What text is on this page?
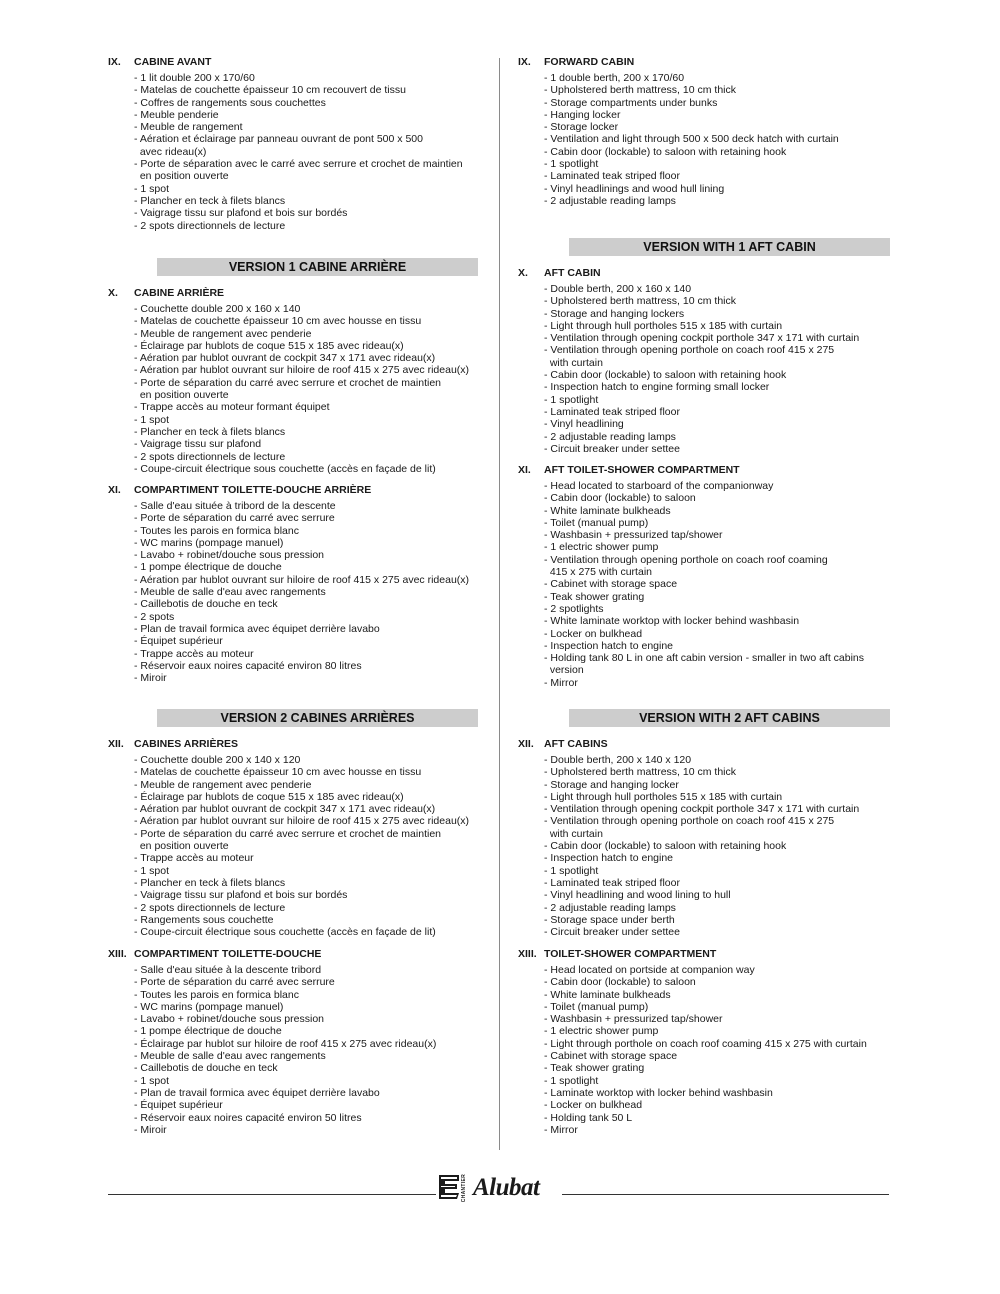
IX.	CABINE AVANT
- 1 lit double 200 x 170/60
- Matelas de couchette épaisseur 10 cm recouvert de tissu
- Coffres de rangements sous couchettes
- Meuble penderie
- Meuble de rangement
- Aération et éclairage par panneau ouvrant de pont 500 x 500
avec rideau(x)
- Porte de séparation avec le carré avec serrure et crochet de maintien
en position ouverte
- 1 spot
- Plancher en teck à filets blancs
- Vaigrage tissu sur plafond et bois sur bordés
- 2 spots directionnels de lecture
VERSION 1 CABINE ARRIÈRE
X.	CABINE ARRIÈRE
- Couchette double 200 x 160 x 140
- Matelas de couchette épaisseur 10 cm avec housse en tissu
- Meuble de rangement avec penderie
- Éclairage par hublots de coque 515 x 185 avec rideau(x)
- Aération par hublot ouvrant de cockpit 347 x 171 avec rideau(x)
- Aération par hublot ouvrant sur hiloire de roof 415 x 275 avec rideau(x)
- Porte de séparation du carré avec serrure et crochet de maintien
en position ouverte
- Trappe accès au moteur formant équipet
- 1 spot
- Plancher en teck à filets blancs
- Vaigrage tissu sur plafond
- 2 spots directionnels de lecture
- Coupe-circuit électrique sous couchette (accès en façade de lit)
XI.	COMPARTIMENT TOILETTE-DOUCHE ARRIÈRE
- Salle d'eau située à tribord de la descente
- Porte de séparation du carré avec serrure
- Toutes les parois en formica blanc
- WC marins (pompage manuel)
- Lavabo + robinet/douche sous pression
- 1 pompe électrique de douche
- Aération par hublot ouvrant sur hiloire de roof 415 x 275 avec rideau(x)
- Meuble de salle d'eau avec rangements
- Caillebotis de douche en teck
- 2 spots
- Plan de travail formica avec équipet derrière lavabo
- Équipet supérieur
- Trappe accès au moteur
- Réservoir eaux noires capacité environ 80 litres
- Miroir
VERSION 2 CABINES ARRIÈRES
XII. CABINES ARRIÈRES
- Couchette double 200 x 140 x 120
- Matelas de couchette épaisseur 10 cm avec housse en tissu
- Meuble de rangement avec penderie
- Éclairage par hublots de coque 515 x 185 avec rideau(x)
- Aération par hublot ouvrant de cockpit 347 x 171 avec rideau(x)
- Aération par hublot ouvrant sur hiloire de roof 415 x 275 avec rideau(x)
- Porte de séparation du carré avec serrure et crochet de maintien
en position ouverte
- Trappe accès au moteur
- 1 spot
- Plancher en teck à filets blancs
- Vaigrage tissu sur plafond et bois sur bordés
- 2 spots directionnels de lecture
- Rangements sous couchette
- Coupe-circuit électrique sous couchette (accès en façade de lit)
XIII. COMPARTIMENT TOILETTE-DOUCHE
- Salle d'eau située à la descente tribord
- Porte de séparation du carré avec serrure
- Toutes les parois en formica blanc
- WC marins (pompage manuel)
- Lavabo + robinet/douche sous pression
- 1 pompe électrique de douche
- Éclairage par hublot sur hiloire de roof 415 x 275 avec rideau(x)
- Meuble de salle d'eau avec rangements
- Caillebotis de douche en teck
- 1 spot
- Plan de travail formica avec équipet derrière lavabo
- Équipet supérieur
- Réservoir eaux noires capacité environ 50 litres
- Miroir
IX.	FORWARD CABIN
- 1 double berth, 200 x 170/60
- Upholstered berth mattress, 10 cm thick
- Storage compartments under bunks
- Hanging locker
- Storage locker
- Ventilation and light through 500 x 500 deck hatch with curtain
- Cabin door (lockable) to saloon with retaining hook
- 1 spotlight
- Laminated teak striped floor
- Vinyl headlinings and wood hull lining
- 2 adjustable reading lamps
VERSION WITH 1 AFT CABIN
X.	AFT CABIN
- Double berth, 200 x 160 x 140
- Upholstered berth mattress, 10 cm thick
- Storage and hanging lockers
- Light through hull portholes 515 x 185 with curtain
- Ventilation through opening cockpit porthole 347 x 171 with curtain
- Ventilation through opening porthole on coach roof 415 x 275
with curtain
- Cabin door (lockable) to saloon with retaining hook
- Inspection hatch to engine forming small locker
- 1 spotlight
- Laminated teak striped floor
- Vinyl headlining
- 2 adjustable reading lamps
- Circuit breaker under settee
XI.	AFT TOILET-SHOWER COMPARTMENT
- Head located to starboard of the companionway
- Cabin door (lockable) to saloon
- White laminate bulkheads
- Toilet (manual pump)
- Washbasin + pressurized tap/shower
- 1 electric shower pump
- Ventilation through opening porthole on coach roof coaming
415 x 275 with curtain
- Cabinet with storage space
- Teak shower grating
- 2 spotlights
- White laminate worktop with locker behind washbasin
- Locker on bulkhead
- Inspection hatch to engine
- Holding tank 80 L in one aft cabin version - smaller in two aft cabins
version
- Mirror
VERSION WITH 2 AFT CABINS
XII. AFT CABINS
- Double berth, 200 x 140 x 120
- Upholstered berth mattress, 10 cm thick
- Storage and hanging locker
- Light through hull portholes 515 x 185 with curtain
- Ventilation through opening cockpit porthole 347 x 171 with curtain
- Ventilation through opening porthole on coach roof 415 x 275
with curtain
- Cabin door (lockable) to saloon with retaining hook
- Inspection hatch to engine
- 1 spotlight
- Laminated teak striped floor
- Vinyl headlining and wood lining to hull
- 2 adjustable reading lamps
- Storage space under berth
- Circuit breaker under settee
XIII. TOILET-SHOWER COMPARTMENT
- Head located on portside at companion way
- Cabin door (lockable) to saloon
- White laminate bulkheads
- Toilet (manual pump)
- Washbasin + pressurized tap/shower
- 1 electric shower pump
- Light through porthole on coach roof coaming 415 x 275 with curtain
- Cabinet with storage space
- Teak shower grating
- 1 spotlight
- Laminate worktop with locker behind washbasin
- Locker on bulkhead
- Holding tank 50 L
- Mirror
CHANTIER Alubat
